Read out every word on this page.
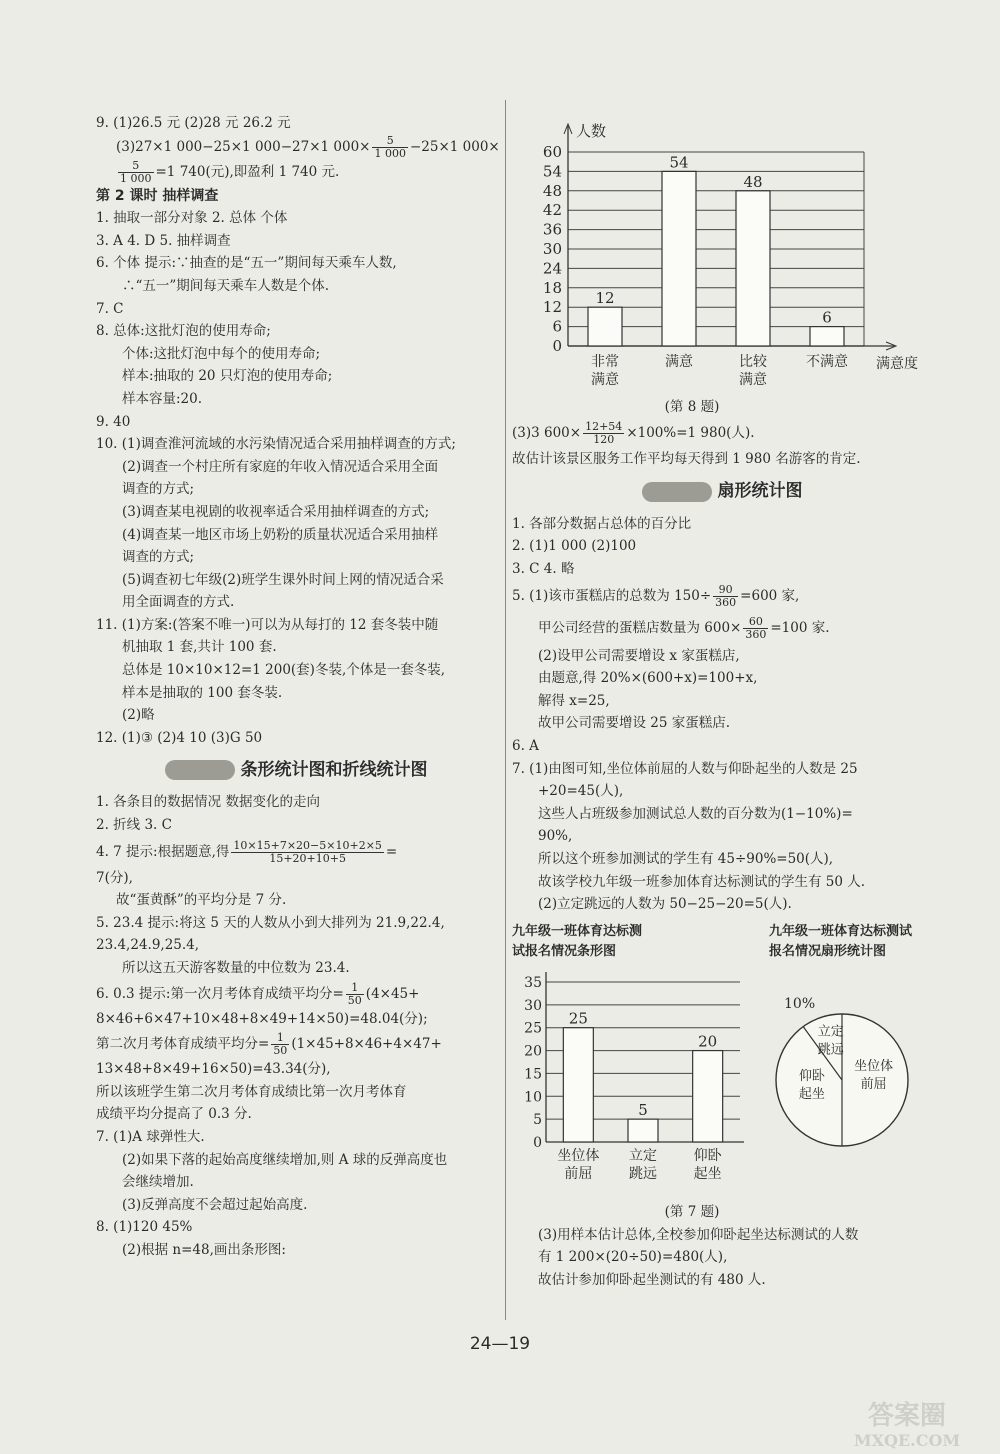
9. (1)26.5 元 (2)28 元 26.2 元
(3)27×1 000−25×1 000−27×1 $000\times \frac{5}{1 000} -25\times 1$ 000×
$\frac{5}{1 000} =1$ 740(元),即盈利 1 740 元.
第 2 课时 抽样调查
1. 抽取一部分对象 2. 总体 个体
3. A 4. D 5. 抽样调查
6. 个体 提示:∵抽查的是“五一”期间每天乘车人数,
∴“五一”期间每天乘车人数是个体.
7. C
8. 总体:这批灯泡的使用寿命;
个体:这批灯泡中每个的使用寿命;
样本:抽取的 20 只灯泡的使用寿命;
样本容量:20.
9. 40
10. (1)调查淮河流域的水污染情况适合采用抽样调查的方式;
(2)调查一个村庄所有家庭的年收入情况适合采用全面
调查的方式;
(3)调查某电视剧的收视率适合采用抽样调查的方式;
(4)调查某一地区市场上奶粉的质量状况适合采用抽样
调查的方式;
(5)调查初七年级(2)班学生课外时间上网的情况适合采
用全面调查的方式.
11. (1)方案:(答案不唯一)可以为从每打的 12 套冬装中随
机抽取 1 套,共计 100 套.
总体是 10×10×12=1 200(套)冬装,个体是一套冬装,
样本是抽取的 100 套冬装.
(2)略
12. (1)③ (2)4 10 (3)G 50
条形统计图和折线统计图
1. 各条目的数据情况 数据变化的走向
2. 折线 3. C
4. 7 提示:根据题意,得 $\frac{10\times 15+7\times 20-5\times 10+2\times 5}{15+20+10+5}$ =
7(分),
故“蛋黄酥”的平均分是 7 分.
5. 23.4 提示:将这 5 天的人数从小到大排列为 21.9,22.4,
23.4,24.9,25.4,
所以这五天游客数量的中位数为 23.4.
6. 0.3 提示:第一次月考体育成绩平均分= $\frac{1}{50} (4\times 45+$
8×46+6×47+10×48+8×49+14×50)=48.04(分);
第二次月考体育成绩平均分= $\frac{1}{50} (1\times 45+8\times 46+4\times 47+$
13×48+8×49+16×50)=43.34(分),
所以该班学生第二次月考体育成绩比第一次月考体育
成绩平均分提高了 0.3 分.
7. (1)A 球弹性大.
(2)如果下落的起始高度继续增加,则 A 球的反弹高度也
会继续增加.
(3)反弹高度不会超过起始高度.
8. (1)120 45%
(2)根据 n=48,画出条形图:
0
6
12
18
24
30
36
42
48
54
60
人数
满意度
12
非常
满意
54
满意
48
比较
满意
6
不满意
(第 8 题)
(3)3 $600\times \frac{12+54}{120} \times 100\%=1$ 980(人).
故估计该景区服务工作平均每天得到 1 980 名游客的肯定.
扇形统计图
1. 各部分数据占总体的百分比
2. (1)1 000 (2)100
3. C 4. 略
5. (1)该市蛋糕店的总数为 $150\div \frac{90}{360} =600$ 家,
甲公司经营的蛋糕店数量为 $600\times \frac{60}{360} =100$ 家.
(2)设甲公司需要增设 x 家蛋糕店,
由题意,得 20%×(600+x)=100+x,
解得 x=25,
故甲公司需要增设 25 家蛋糕店.
6. A
7. (1)由图可知,坐位体前屈的人数与仰卧起坐的人数是 25
+20=45(人),
这些人占班级参加测试总人数的百分数为(1−10%)=
90%,
所以这个班参加测试的学生有 45÷90%=50(人),
故该学校九年级一班参加体育达标测试的学生有 50 人.
(2)立定跳远的人数为 50−25−20=5(人).
九年级一班体育达标测
试报名情况条形图
九年级一班体育达标测试
报名情况扇形统计图
0
5
10
15
20
25
30
35
25
坐位体
前屈
5
立定
跳远
20
仰卧
起坐
坐位体
前屈
仰卧
起坐
立定
跳远
10%
(第 7 题)
(3)用样本估计总体,全校参加仰卧起坐达标测试的人数
有 1 200×(20÷50)=480(人),
故估计参加仰卧起坐测试的有 480 人.
24—19
答案圈
MXQE.COM
